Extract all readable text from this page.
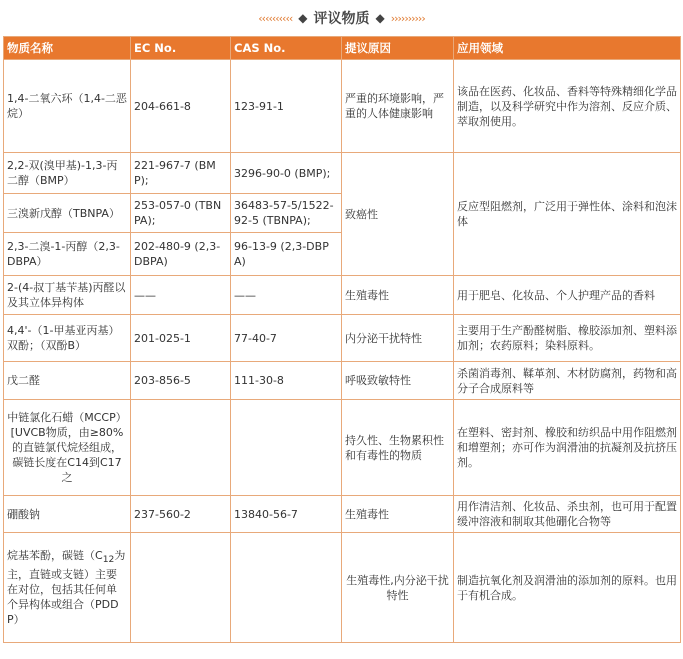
‹‹‹‹‹‹‹‹‹‹ ◆ 评议物质 ◆ ››››››››››
物质名称	EC No.	CAS No.	提议原因	应用领域
1,4-二氧六环（1,4-二恶烷）	204-661-8	123-91-1	严重的环境影响，严重的人体健康影响	该品在医药、化妆品、香料等特殊精细化学品制造，以及科学研究中作为溶剂、反应介质、萃取剂使用。
2,2-双(溴甲基)-1,3-丙二醇（BMP）	221-967-7 (BMP);	3296-90-0 (BMP);	致癌性	反应型阻燃剂，广泛用于弹性体、涂料和泡沫体
三溴新戊醇（TBNPA）	253-057-0 (TBNPA);	36483-57-5/1522-92-5 (TBNPA);		
2,3-二溴-1-丙醇（2,3-DBPA）	202-480-9 (2,3-DBPA)	96-13-9 (2,3-DBPA)		
2-(4-叔丁基苄基)丙醛以及其立体异构体	——	——	生殖毒性	用于肥皂、化妆品、个人护理产品的香料
4,4'-（1-甲基亚丙基）双酚；（双酚B）	201-025-1	77-40-7	内分泌干扰特性	主要用于生产酚醛树脂、橡胶添加剂、塑料添加剂；农药原料；染料原料。
戊二醛	203-856-5	111-30-8	呼吸致敏特性	杀菌消毒剂、鞣革剂、木材防腐剂，药物和高分子合成原料等
中链氯化石蜡（MCCP）[UVCB物质，由≥80%的直链氯代烷烃组成，碳链长度在C14到C17之			持久性、生物累积性和有毒性的物质	在塑料、密封剂、橡胶和纺织品中用作阻燃剂和增塑剂；亦可作为润滑油的抗凝剂及抗挤压剂。
硼酸钠	237-560-2	13840-56-7	生殖毒性	用作清洁剂、化妆品、杀虫剂，也可用于配置缓冲溶液和制取其他硼化合物等
烷基苯酚，碳链（$C_{12}$为主，直链或支链）主要在对位，包括其任何单个异构体或组合（PDDP）			生殖毒性,内分泌干扰特性	制造抗氧化剂及润滑油的添加剂的原料。也用于有机合成。
